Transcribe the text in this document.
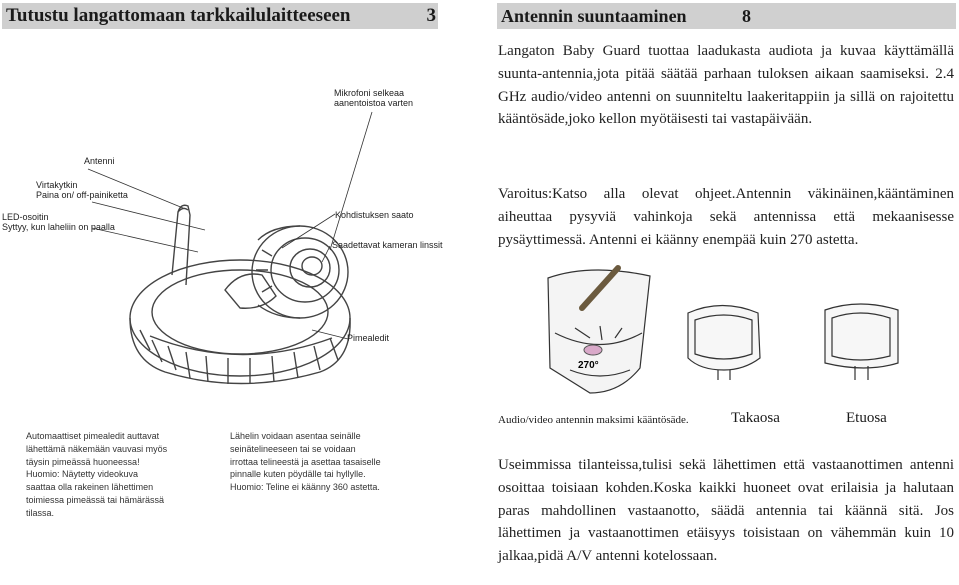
Tutustu langattomaan tarkkailulaitteeseen	3	Antennin suuntaaminen	8
Mikrofoni selkeaa
aanentoistoa varten
Antenni
Virtakytkin
Paina on/ off-painiketta
LED-osoitin
Syttyy, kun laheliin on paalla
Kohdistuksen saato
Saadettavat kameran linssit
Pimealedit
Automaattiset pimealedit auttavat
lähettämä näkemään vauvasi myös
täysin pimeässä huoneessa!
Huomio: Näytetty videokuva
saattaa olla rakeinen lähettimen
toimiessa pimeässä tai hämärässä
tilassa.
Lähelin voidaan asentaa seinälle
seinätelineeseen tai se voidaan
irrottaa telineestä ja asettaa tasaiselle
pinnalle kuten pöydälle tai hyllylle.
Huomio: Teline ei käänny 360 astetta.
Langaton Baby Guard tuottaa laadukasta audiota ja kuvaa käyttämällä suunta-antennia,jota pitää säätää parhaan tuloksen aikaan saamiseksi. 2.4 GHz audio/video antenni on suunniteltu laakeritappiin ja sillä on rajoitettu kääntösäde,joko kellon myötäisesti tai vastapäivään.
Varoitus:Katso alla olevat ohjeet.Antennin väkinäinen,kääntäminen aiheuttaa pysyviä vahinkoja sekä antennissa että mekaanisesse pysäyttimessä. Antenni ei käänny enempää kuin 270 astetta.
270°
Audio/video antennin maksimi kääntösäde.	Takaosa	Etuosa
Useimmissa tilanteissa,tulisi sekä lähettimen että vastaanottimen antenni osoittaa toisiaan kohden.Koska kaikki huoneet ovat erilaisia ja halutaan paras mahdollinen vastaanotto, säädä antennia tai käännä sitä. Jos lähettimen ja vastaanottimen etäisyys toisistaan on vähemmän kuin 10 jalkaa,pidä A/V antenni kotelossaan.
